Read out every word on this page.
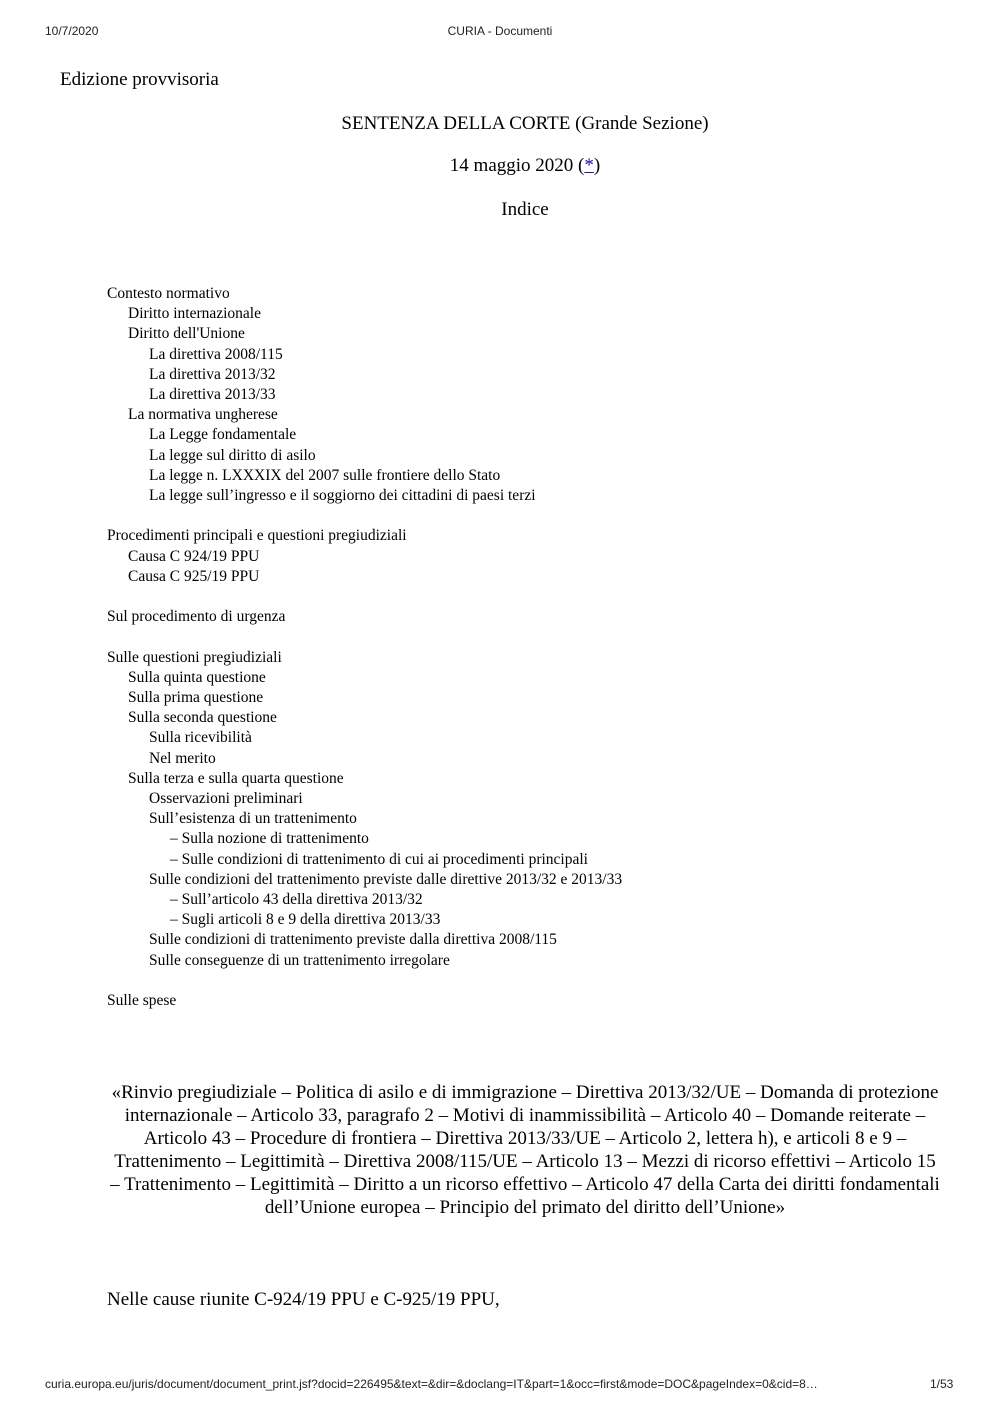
10/7/2020	CURIA - Documenti
Edizione provvisoria
SENTENZA DELLA CORTE (Grande Sezione)
14 maggio 2020 (*)
Indice
Contesto normativo
Diritto internazionale
Diritto dell'Unione
La direttiva 2008/115
La direttiva 2013/32
La direttiva 2013/33
La normativa ungherese
La Legge fondamentale
La legge sul diritto di asilo
La legge n. LXXXIX del 2007 sulle frontiere dello Stato
La legge sull’ingresso e il soggiorno dei cittadini di paesi terzi
Procedimenti principali e questioni pregiudiziali
Causa C 924/19 PPU
Causa C 925/19 PPU
Sul procedimento di urgenza
Sulle questioni pregiudiziali
Sulla quinta questione
Sulla prima questione
Sulla seconda questione
Sulla ricevibilità
Nel merito
Sulla terza e sulla quarta questione
Osservazioni preliminari
Sull’esistenza di un trattenimento
– Sulla nozione di trattenimento
– Sulle condizioni di trattenimento di cui ai procedimenti principali
Sulle condizioni del trattenimento previste dalle direttive 2013/32 e 2013/33
– Sull’articolo 43 della direttiva 2013/32
– Sugli articoli 8 e 9 della direttiva 2013/33
Sulle condizioni di trattenimento previste dalla direttiva 2008/115
Sulle conseguenze di un trattenimento irregolare
Sulle spese
«Rinvio pregiudiziale – Politica di asilo e di immigrazione – Direttiva 2013/32/UE – Domanda di protezione internazionale – Articolo 33, paragrafo 2 – Motivi di inammissibilità – Articolo 40 – Domande reiterate – Articolo 43 – Procedure di frontiera – Direttiva 2013/33/UE – Articolo 2, lettera h), e articoli 8 e 9 – Trattenimento – Legittimità – Direttiva 2008/115/UE – Articolo 13 – Mezzi di ricorso effettivi – Articolo 15 – Trattenimento – Legittimità – Diritto a un ricorso effettivo – Articolo 47 della Carta dei diritti fondamentali dell’Unione europea – Principio del primato del diritto dell’Unione»
Nelle cause riunite C-924/19 PPU e C-925/19 PPU,
curia.europa.eu/juris/document/document_print.jsf?docid=226495&text=&dir=&doclang=IT&part=1&occ=first&mode=DOC&pageIndex=0&cid=8…	1/53
